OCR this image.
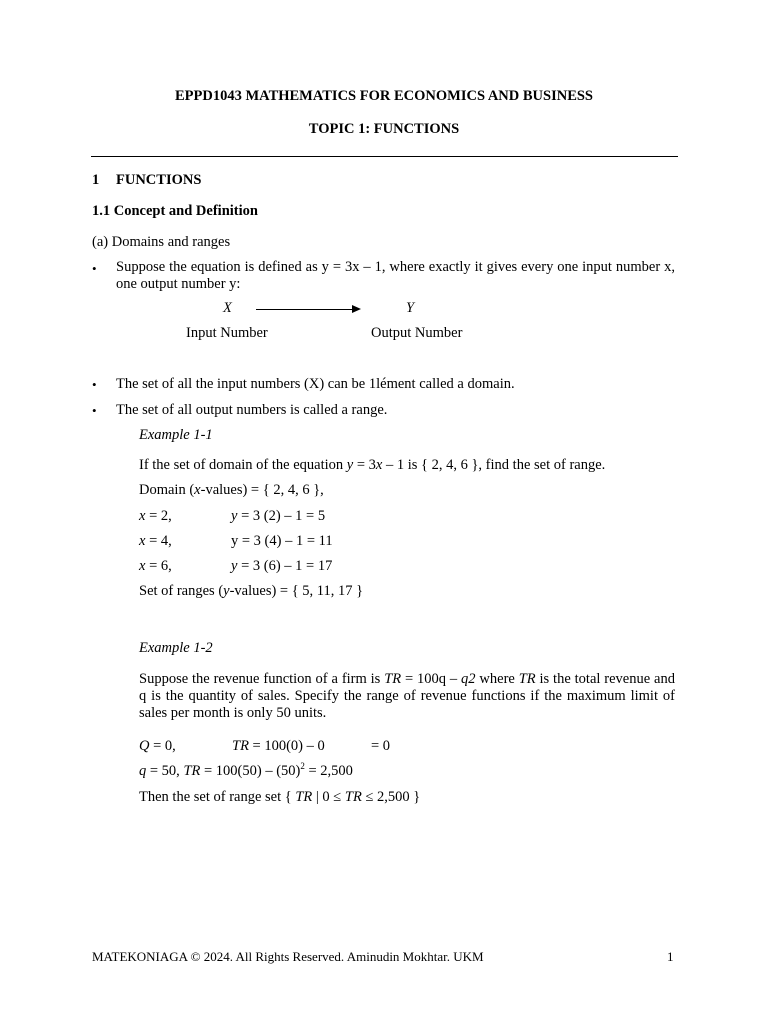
EPPD1043 MATHEMATICS FOR ECONOMICS AND BUSINESS
TOPIC 1: FUNCTIONS
1 FUNCTIONS
1.1 Concept and Definition
(a) Domains and ranges
• Suppose the equation is defined as y = 3x – 1, where exactly it gives every one input number x, one output number y:
X	Y
Input Number	Output Number
• The set of all the input numbers (X) can be 1lément called a domain.
• The set of all output numbers is called a range.
Example 1-1
If the set of domain of the equation y = 3x – 1 is { 2, 4, 6 }, find the set of range.
Domain (x-values) = { 2, 4, 6 },
x = 2,	y = 3 (2) – 1 = 5
x = 4,	y = 3 (4) – 1 = 11
x = 6,	y = 3 (6) – 1 = 17
Set of ranges (y-values) = { 5, 11, 17 }
Example 1-2
Suppose the revenue function of a firm is TR = 100q – q2 where TR is the total revenue and q is the quantity of sales. Specify the range of revenue functions if the maximum limit of sales per month is only 50 units.
Q = 0,	TR = 100(0) – 0	= 0
q = 50, TR = $100(50) - (50)^2 = 2,500$
Then the set of range set { TR | 0 ≤ TR ≤ 2,500 }
MATEKONIAGA © 2024. All Rights Reserved. Aminudin Mokhtar. UKM	1
